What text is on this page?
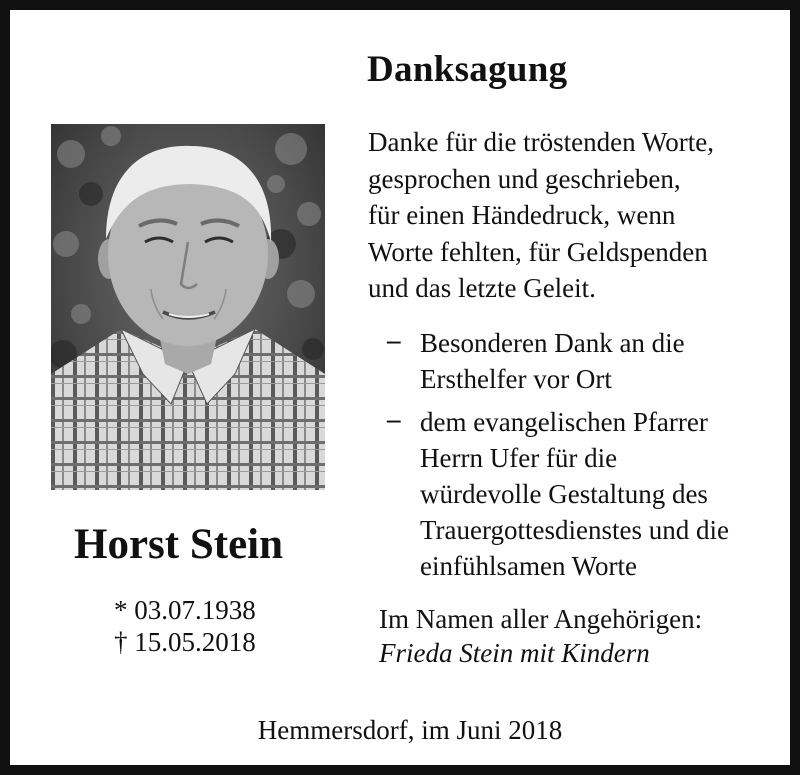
Danksagung
Horst Stein
* 03.07.1938
† 15.05.2018
Danke für die tröstenden Worte,
gesprochen und geschrieben,
für einen Händedruck, wenn
Worte fehlten, für Geldspenden
und das letzte Geleit.
– Besonderen Dank an die
Ersthelfer vor Ort
– dem evangelischen Pfarrer
Herrn Ufer für die
würdevolle Gestaltung des
Trauergottesdienstes und die
einfühlsamen Worte
Im Namen aller Angehörigen:
Frieda Stein mit Kindern
Hemmersdorf, im Juni 2018
